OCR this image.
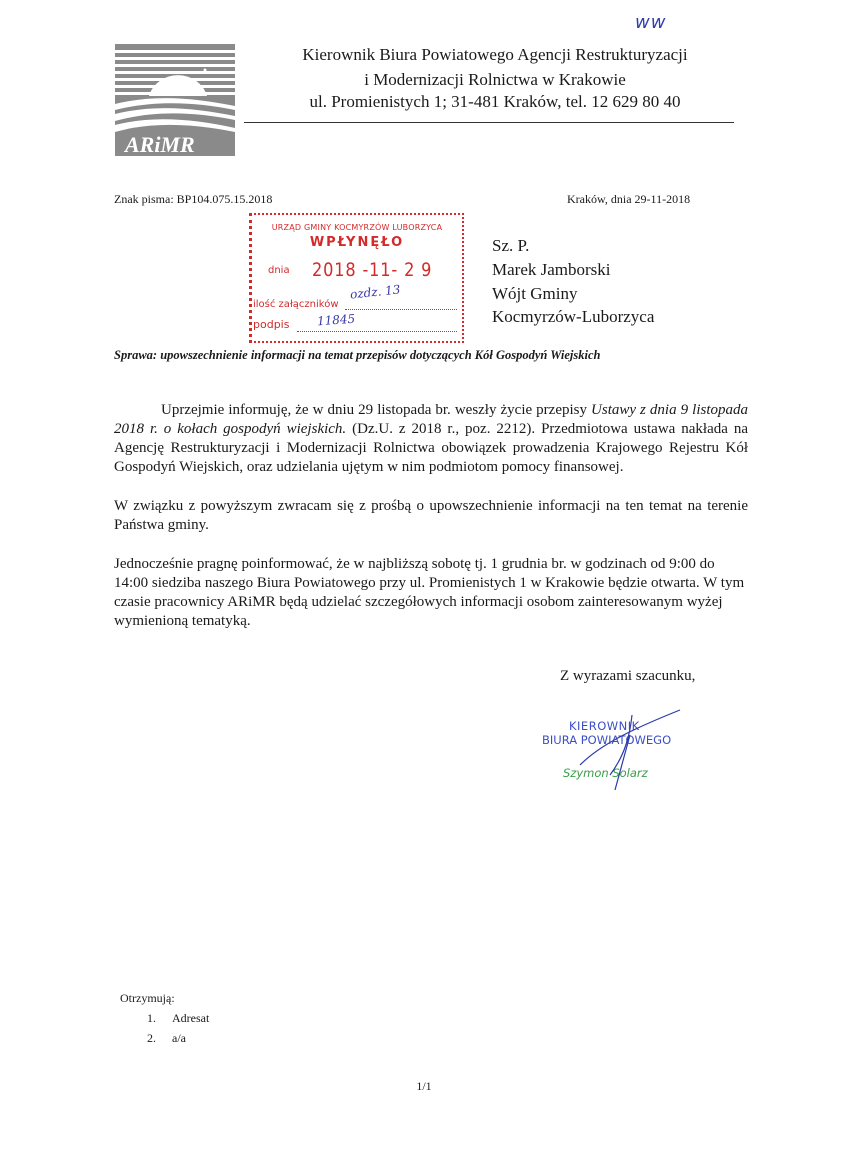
ww
ARiMR
Kierownik Biura Powiatowego Agencji Restrukturyzacji
i Modernizacji Rolnictwa w Krakowie
ul. Promienistych 1; 31-481 Kraków, tel. 12 629 80 40
Znak pisma: BP104.075.15.2018	Kraków, dnia 29-11-2018
URZĄD GMINY KOCMYRZÓW LUBORZYCA
WPŁYNĘŁO
dnia 2018 -11- 2 9
ilość załączników
ozdz. 13
podpis 11845
Sz. P.
Marek Jamborski
Wójt Gminy
Kocmyrzów-Luborzyca
Sprawa: upowszechnienie informacji na temat przepisów dotyczących Kół Gospodyń Wiejskich
Uprzejmie informuję, że w dniu 29 listopada br. weszły życie przepisy Ustawy z dnia 9 listopada 2018 r. o kołach gospodyń wiejskich. (Dz.U. z 2018 r., poz. 2212). Przedmiotowa ustawa nakłada na Agencję Restrukturyzacji i Modernizacji Rolnictwa obowiązek prowadzenia Krajowego Rejestru Kół Gospodyń Wiejskich, oraz udzielania ujętym w nim podmiotom pomocy finansowej.
W związku z powyższym zwracam się z prośbą o upowszechnienie informacji na ten temat na terenie Państwa gminy.
Jednocześnie pragnę poinformować, że w najbliższą sobotę tj. 1 grudnia br. w godzinach od 9:00 do 14:00 siedziba naszego Biura Powiatowego przy ul. Promienistych 1 w Krakowie będzie otwarta. W tym czasie pracownicy ARiMR będą udzielać szczegółowych informacji osobom zainteresowanym wyżej wymienioną tematyką.
Z wyrazami szacunku,
KIEROWNIK
BIURA POWIATOWEGO
Szymon Solarz
Otrzymują:
1. Adresat
2. a/a
1/1
